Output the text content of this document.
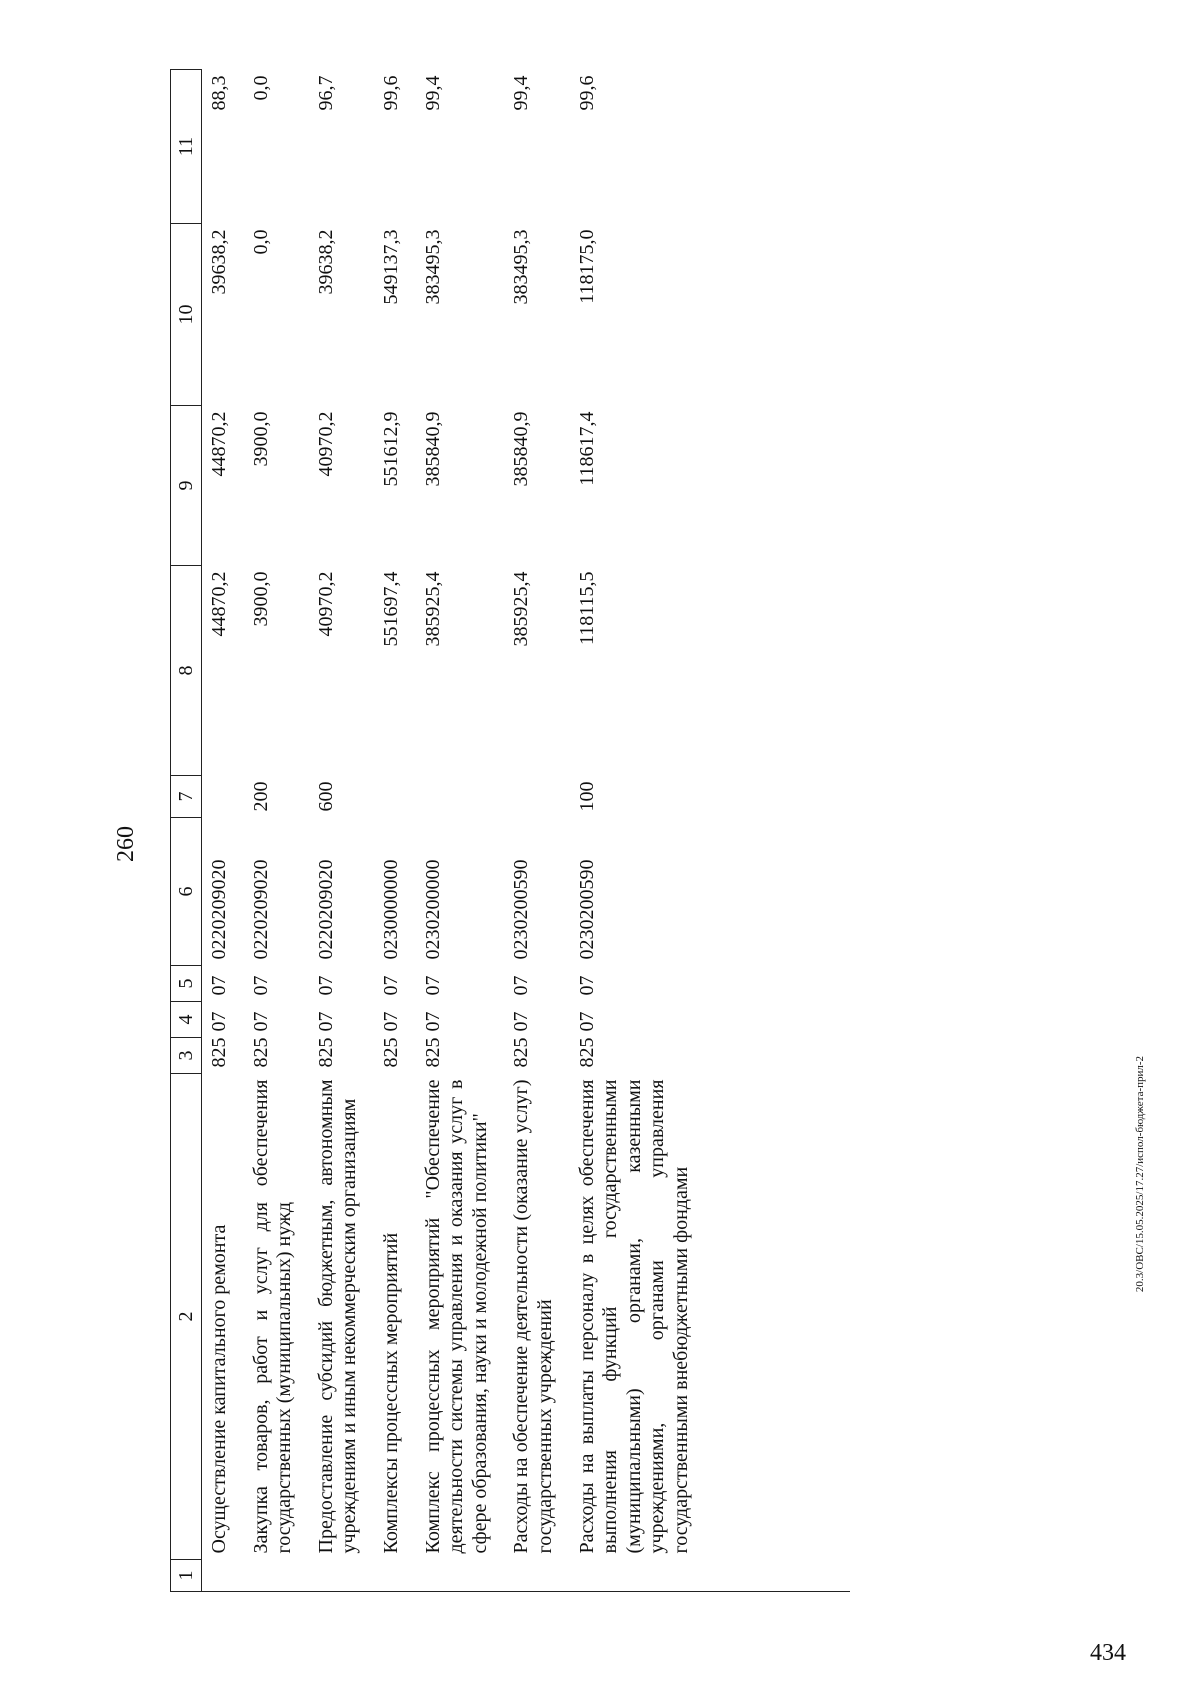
260
1	2	3	4	5	6	7	8	9	10	11
	Осуществление капитального ремонта	825	07	07	0220209020		44870,2	44870,2	39638,2	88,3
	Закупка товаров, работ и услуг для обеспечения государственных (муниципальных) нужд	825	07	07	0220209020	200	3900,0	3900,0	0,0	0,0
	Предоставление субсидий бюджетным, автономным учреждениям и иным некоммерческим организациям	825	07	07	0220209020	600	40970,2	40970,2	39638,2	96,7
	Комплексы процессных мероприятий	825	07	07	0230000000		551697,4	551612,9	549137,3	99,6
	Комплекс процессных мероприятий "Обеспечение деятельности системы управления и оказания услуг в сфере образования, науки и молодежной политики"	825	07	07	0230200000		385925,4	385840,9	383495,3	99,4
	Расходы на обеспечение деятельности (оказание услуг) государственных учреждений	825	07	07	0230200590		385925,4	385840,9	383495,3	99,4
	Расходы на выплаты персоналу в целях обеспечения выполнения функций государственными (муниципальными) органами, казенными учреждениями, органами управления государственными внебюджетными фондами	825	07	07	0230200590	100	118115,5	118617,4	118175,0	99,6
20.3/ОВС/15.05.2025/17.27/испол-бюджета-прил-2
434
